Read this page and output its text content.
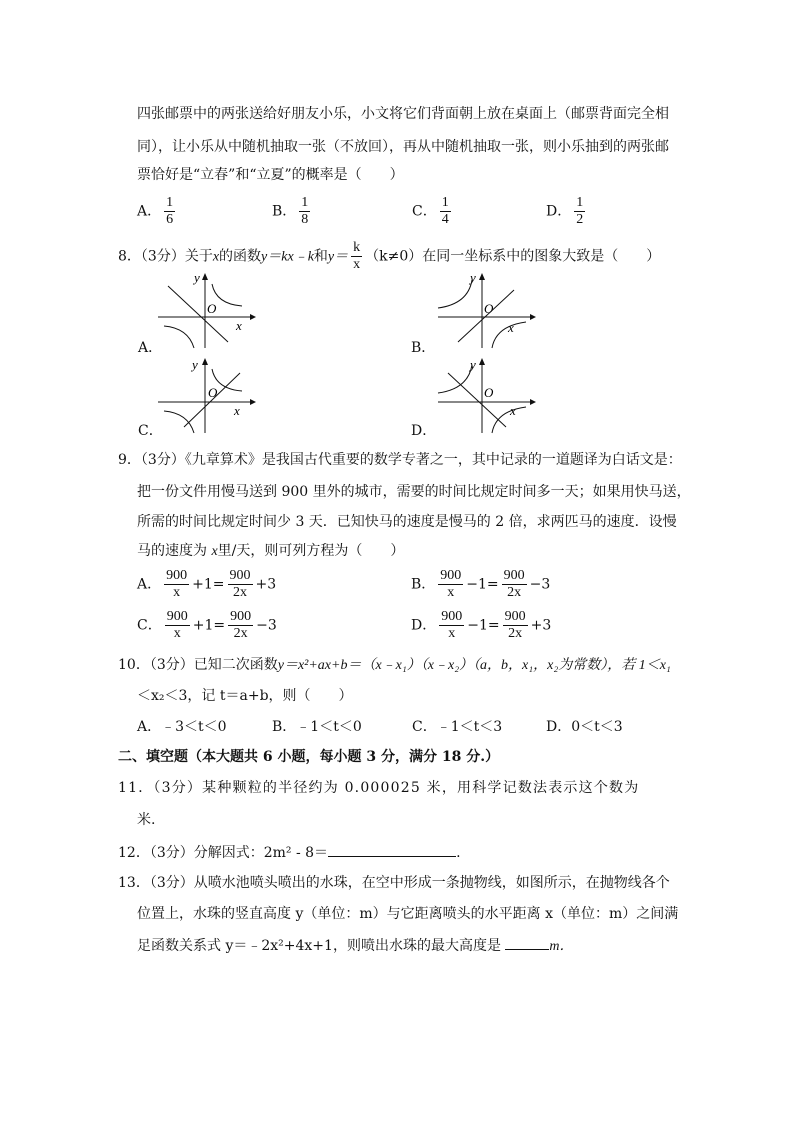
四张邮票中的两张送给好朋友小乐，小文将它们背面朝上放在桌面上（邮票背面完全相
同），让小乐从中随机抽取一张（不放回），再从中随机抽取一张，则小乐抽到的两张邮
票恰好是“立春”和“立夏”的概率是（　　）
A． $\frac{1}{6}$	B． $\frac{1}{8}$	C． $\frac{1}{4}$	D． $\frac{1}{2}$
8．（3分）关于x的函数y＝kx﹣k和$y= \frac{k}{x} (k\ne 0)$在同一坐标系中的图象大致是（　　）
y
x
O
A．
y
x
O
B．
y
x
O
C．
y
x
O
D．
9．（3分）《九章算术》是我国古代重要的数学专著之一，其中记录的一道题译为白话文是：
把一份文件用慢马送到 900 里外的城市，需要的时间比规定时间多一天；如果用快马送，
所需的时间比规定时间少 3 天．已知快马的速度是慢马的 2 倍，求两匹马的速度．设慢
马的速度为 x里/天，则可列方程为（　　）
A． $\frac{900}{x} +1= \frac{900}{2x} +3$	B． $\frac{900}{x} -1= \frac{900}{2x} -3$
C． $\frac{900}{x} +1= \frac{900}{2x} -3$	D． $\frac{900}{x} -1= \frac{900}{2x} +3$
10．（3分）已知二次函数y＝x²+ax+b＝（x﹣x₁）（x﹣x₂）（a，b，x₁，x₂为常数），若 1＜x₁
＜x₂＜3，记 t＝a+b，则（　　）
A．﹣3＜t＜0	B．﹣1＜t＜0	C．﹣1＜t＜3	D．0＜t＜3
二、填空题（本大题共 6 小题，每小题 3 分，满分 18 分.）
11．（3分）某种颗粒的半径约为 0.000025 米，用科学记数法表示这个数为
米.
12．（3分）分解因式：2m² - 8＝	.
13．（3分）从喷水池喷头喷出的水珠，在空中形成一条抛物线，如图所示，在抛物线各个
位置上，水珠的竖直高度 y（单位：m）与它距离喷头的水平距离 x（单位：m）之间满
足函数关系式 y＝﹣2x²+4x+1，则喷出水珠的最大高度是	m．
